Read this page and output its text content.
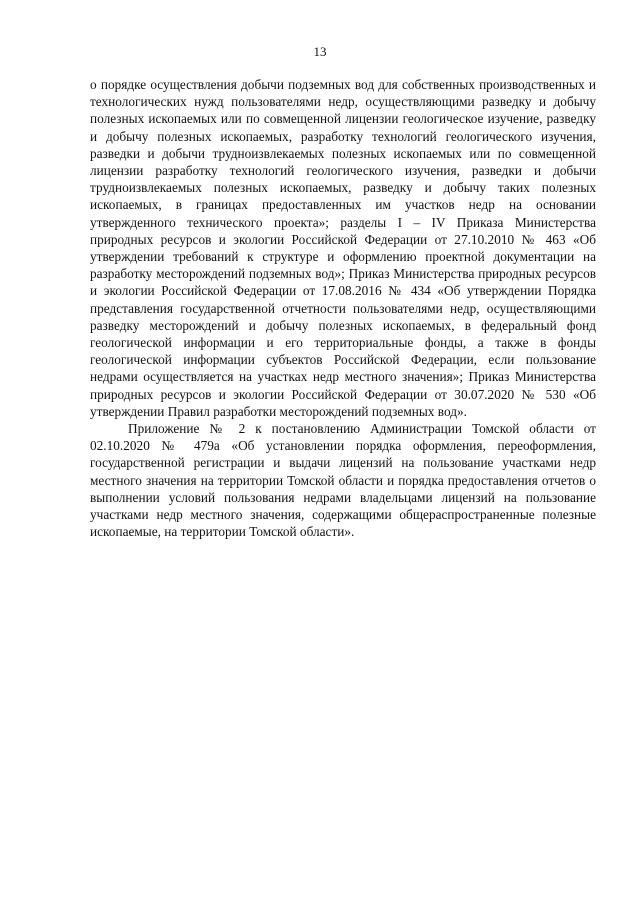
13

о порядке осуществления добычи подземных вод для собственных производственных и технологических нужд пользователями недр, осуществляющими разведку и добычу полезных ископаемых или по совмещенной лицензии геологическое изучение, разведку и добычу полезных ископаемых, разработку технологий геологического изучения, разведки и добычи трудноизвлекаемых полезных ископаемых или по совмещенной лицензии разработку технологий геологического изучения, разведки и добычи трудноизвлекаемых полезных ископаемых, разведку и добычу таких полезных ископаемых, в границах предоставленных им участков недр на основании утвержденного технического проекта»; разделы I – IV Приказа Министерства природных ресурсов и экологии Российской Федерации от 27.10.2010 № 463 «Об утверждении требований к структуре и оформлению проектной документации на разработку месторождений подземных вод»; Приказ Министерства природных ресурсов и экологии Российской Федерации от 17.08.2016 № 434 «Об утверждении Порядка представления государственной отчетности пользователями недр, осуществляющими разведку месторождений и добычу полезных ископаемых, в федеральный фонд геологической информации и его территориальные фонды, а также в фонды геологической информации субъектов Российской Федерации, если пользование недрами осуществляется на участках недр местного значения»; Приказ Министерства природных ресурсов и экологии Российской Федерации от 30.07.2020 № 530 «Об утверждении Правил разработки месторождений подземных вод».

Приложение № 2 к постановлению Администрации Томской области от 02.10.2020 № 479а «Об установлении порядка оформления, переоформления, государственной регистрации и выдачи лицензий на пользование участками недр местного значения на территории Томской области и порядка предоставления отчетов о выполнении условий пользования недрами владельцами лицензий на пользование участками недр местного значения, содержащими общераспространенные полезные ископаемые, на территории Томской области».
